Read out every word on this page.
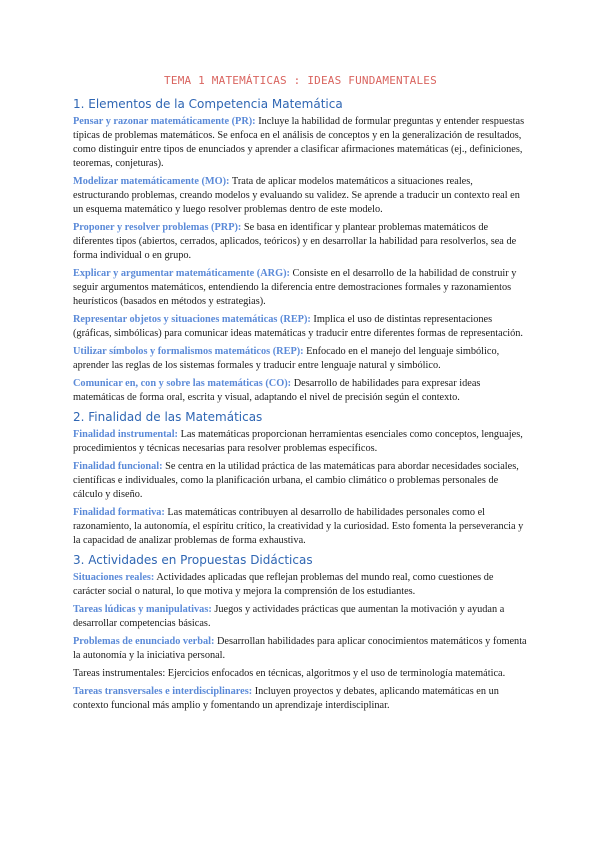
TEMA 1 MATEMÁTICAS : IDEAS FUNDAMENTALES
1. Elementos de la Competencia Matemática

Pensar y razonar matemáticamente (PR): Incluye la habilidad de formular preguntas y entender respuestas típicas de problemas matemáticos. Se enfoca en el análisis de conceptos y en la generalización de resultados, como distinguir entre tipos de enunciados y aprender a clasificar afirmaciones matemáticas (ej., definiciones, teoremas, conjeturas).

Modelizar matemáticamente (MO): Trata de aplicar modelos matemáticos a situaciones reales, estructurando problemas, creando modelos y evaluando su validez. Se aprende a traducir un contexto real en un esquema matemático y luego resolver problemas dentro de este modelo.

Proponer y resolver problemas (PRP): Se basa en identificar y plantear problemas matemáticos de diferentes tipos (abiertos, cerrados, aplicados, teóricos) y en desarrollar la habilidad para resolverlos, sea de forma individual o en grupo.

Explicar y argumentar matemáticamente (ARG): Consiste en el desarrollo de la habilidad de construir y seguir argumentos matemáticos, entendiendo la diferencia entre demostraciones formales y razonamientos heurísticos (basados en métodos y estrategias).

Representar objetos y situaciones matemáticas (REP): Implica el uso de distintas representaciones (gráficas, simbólicas) para comunicar ideas matemáticas y traducir entre diferentes formas de representación.

Utilizar símbolos y formalismos matemáticos (REP): Enfocado en el manejo del lenguaje simbólico, aprender las reglas de los sistemas formales y traducir entre lenguaje natural y simbólico.

Comunicar en, con y sobre las matemáticas (CO): Desarrollo de habilidades para expresar ideas matemáticas de forma oral, escrita y visual, adaptando el nivel de precisión según el contexto.

2. Finalidad de las Matemáticas

Finalidad instrumental: Las matemáticas proporcionan herramientas esenciales como conceptos, lenguajes, procedimientos y técnicas necesarias para resolver problemas específicos.

Finalidad funcional: Se centra en la utilidad práctica de las matemáticas para abordar necesidades sociales, científicas e individuales, como la planificación urbana, el cambio climático o problemas personales de cálculo y diseño.

Finalidad formativa: Las matemáticas contribuyen al desarrollo de habilidades personales como el razonamiento, la autonomía, el espíritu crítico, la creatividad y la curiosidad. Esto fomenta la perseverancia y la capacidad de analizar problemas de forma exhaustiva.

3. Actividades en Propuestas Didácticas

Situaciones reales: Actividades aplicadas que reflejan problemas del mundo real, como cuestiones de carácter social o natural, lo que motiva y mejora la comprensión de los estudiantes.

Tareas lúdicas y manipulativas: Juegos y actividades prácticas que aumentan la motivación y ayudan a desarrollar competencias básicas.

Problemas de enunciado verbal: Desarrollan habilidades para aplicar conocimientos matemáticos y fomenta la autonomía y la iniciativa personal.

Tareas instrumentales: Ejercicios enfocados en técnicas, algoritmos y el uso de terminología matemática.

Tareas transversales e interdisciplinares: Incluyen proyectos y debates, aplicando matemáticas en un contexto funcional más amplio y fomentando un aprendizaje interdisciplinar.
